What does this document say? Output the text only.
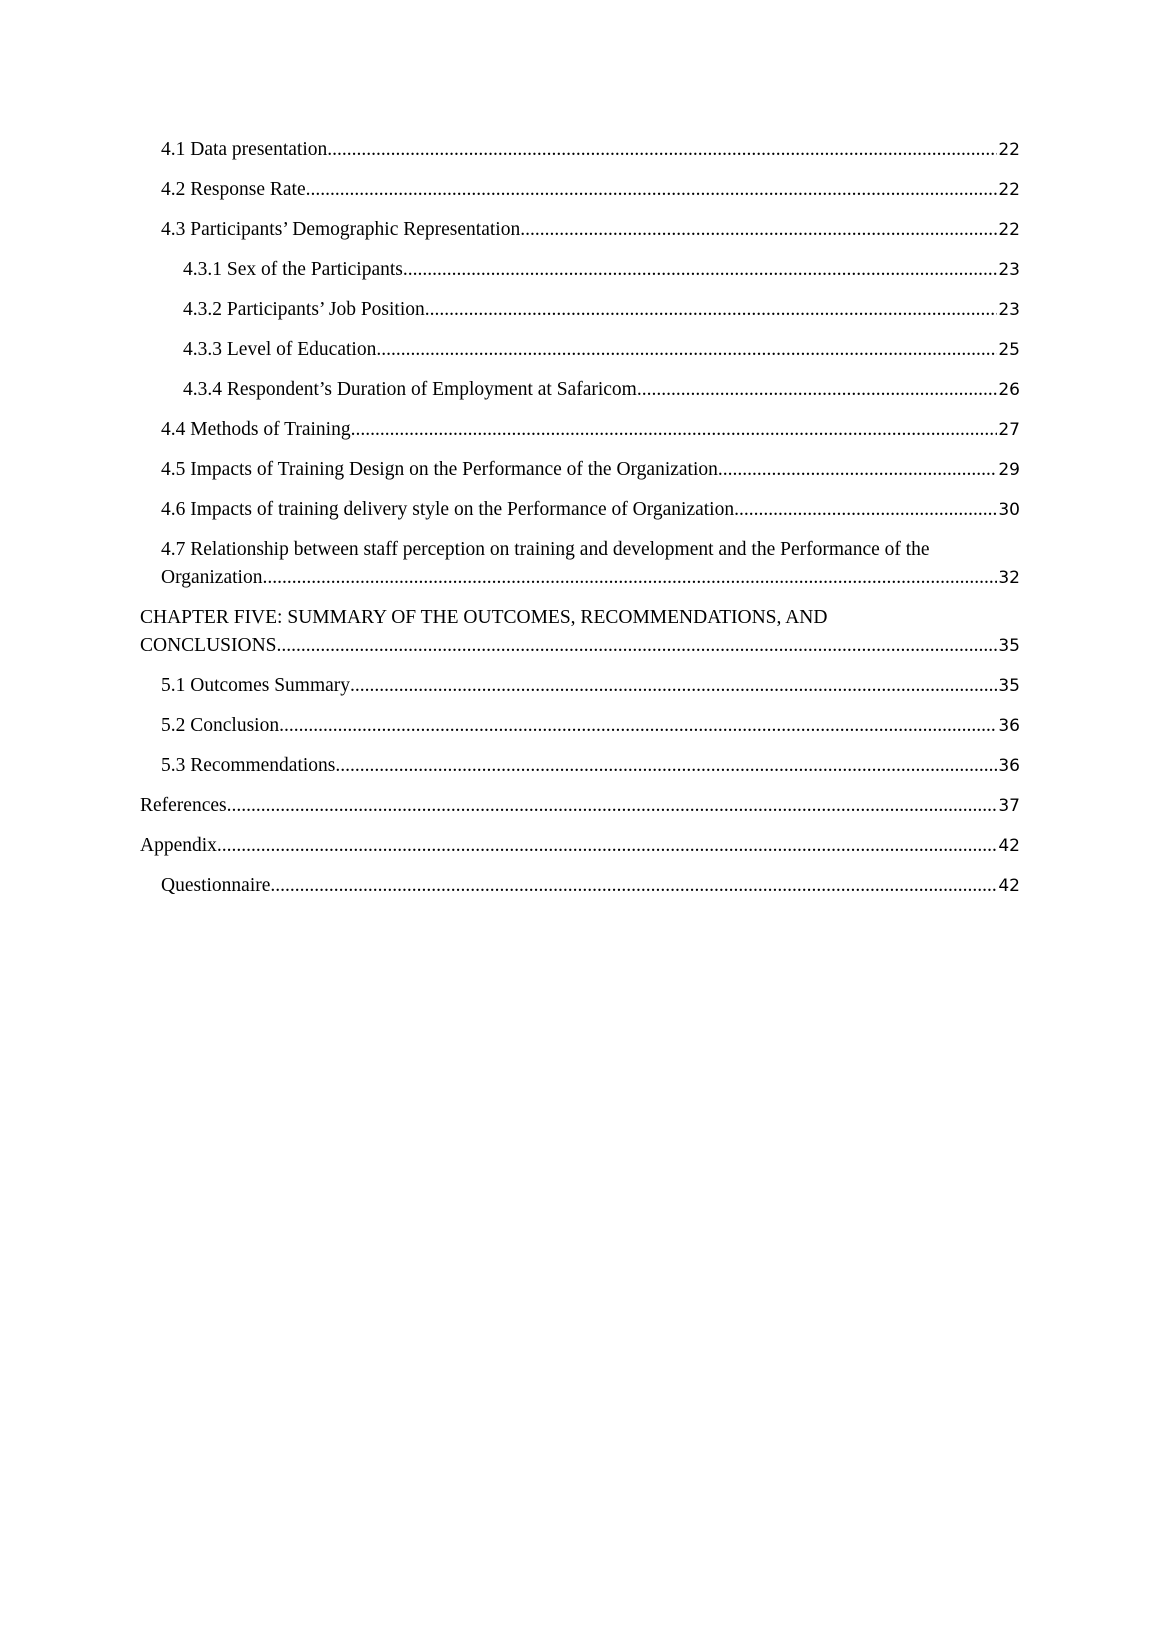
4.1 Data presentation .....	22
4.2 Response Rate .....	22
4.3 Participants’ Demographic Representation .....	22
4.3.1 Sex of the Participants .....	23
4.3.2 Participants’ Job Position .....	23
4.3.3 Level of Education .....	25
4.3.4 Respondent’s Duration of Employment at Safaricom .....	26
4.4 Methods of Training .....	27
4.5 Impacts of Training Design on the Performance of the Organization .....	29
4.6 Impacts of training delivery style on the Performance of Organization .....	30
4.7 Relationship between staff perception on training and development and the Performance of the
Organization .....	32
CHAPTER FIVE: SUMMARY OF THE OUTCOMES, RECOMMENDATIONS, AND
CONCLUSIONS .....	35
5.1 Outcomes Summary .....	35
5.2 Conclusion .....	36
5.3 Recommendations .....	36
References .....	37
Appendix .....	42
Questionnaire .....	42
